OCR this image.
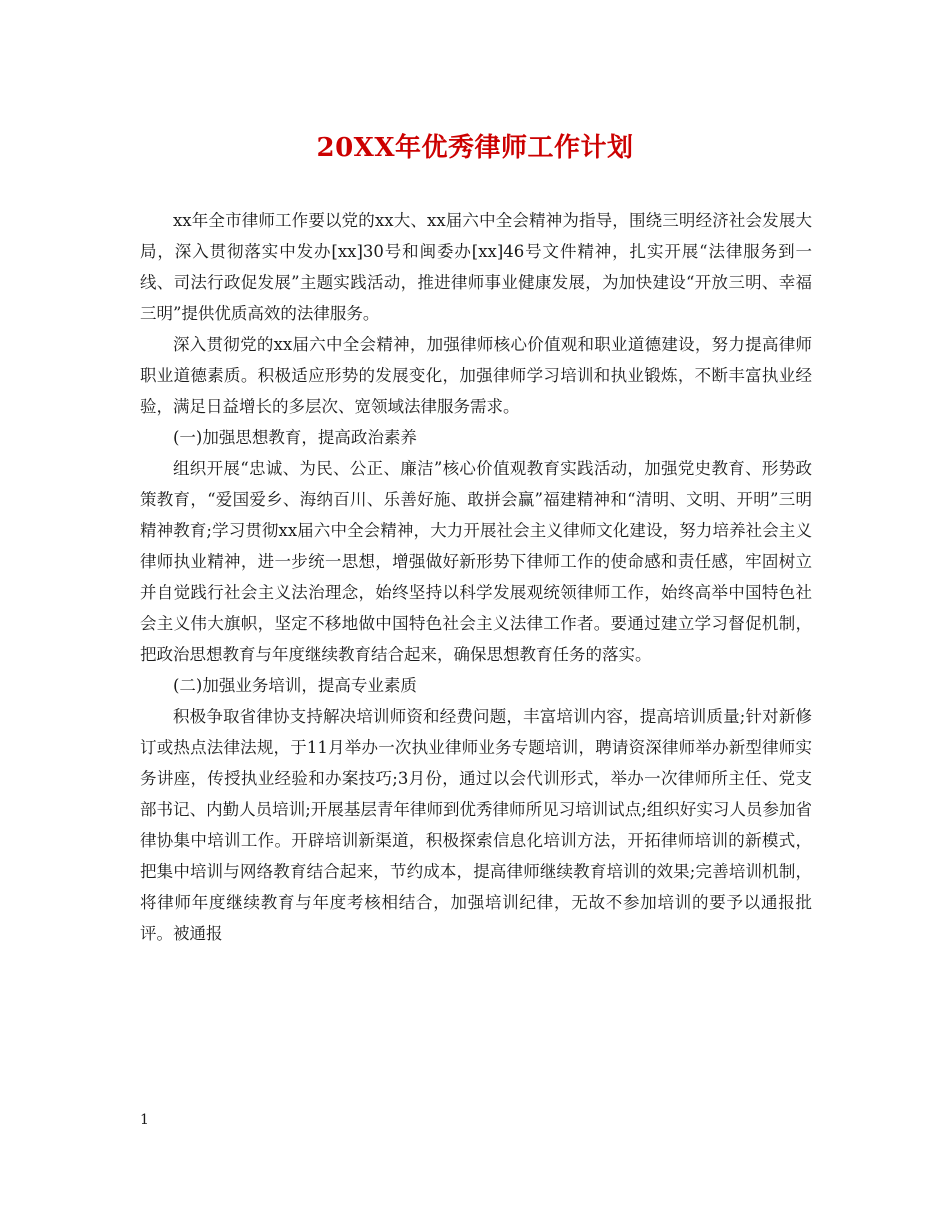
20XX年优秀律师工作计划

xx年全市律师工作要以党的xx大、xx届六中全会精神为指导，围绕三明经济社会发展大局，深入贯彻落实中发办[xx]30号和闽委办[xx]46号文件精神，扎实开展“法律服务到一线、司法行政促发展”主题实践活动，推进律师事业健康发展，为加快建设“开放三明、幸福三明”提供优质高效的法律服务。

深入贯彻党的xx届六中全会精神，加强律师核心价值观和职业道德建设，努力提高律师职业道德素质。积极适应形势的发展变化，加强律师学习培训和执业锻炼，不断丰富执业经验，满足日益增长的多层次、宽领域法律服务需求。

(一)加强思想教育，提高政治素养

组织开展“忠诚、为民、公正、廉洁”核心价值观教育实践活动，加强党史教育、形势政策教育，“爱国爱乡、海纳百川、乐善好施、敢拼会赢”福建精神和“清明、文明、开明”三明精神教育;学习贯彻xx届六中全会精神，大力开展社会主义律师文化建设，努力培养社会主义律师执业精神，进一步统一思想，增强做好新形势下律师工作的使命感和责任感，牢固树立并自觉践行社会主义法治理念，始终坚持以科学发展观统领律师工作，始终高举中国特色社会主义伟大旗帜，坚定不移地做中国特色社会主义法律工作者。要通过建立学习督促机制，把政治思想教育与年度继续教育结合起来，确保思想教育任务的落实。

(二)加强业务培训，提高专业素质

积极争取省律协支持解决培训师资和经费问题，丰富培训内容，提高培训质量;针对新修订或热点法律法规，于11月举办一次执业律师业务专题培训，聘请资深律师举办新型律师实务讲座，传授执业经验和办案技巧;3月份，通过以会代训形式，举办一次律师所主任、党支部书记、内勤人员培训;开展基层青年律师到优秀律师所见习培训试点;组织好实习人员参加省律协集中培训工作。开辟培训新渠道，积极探索信息化培训方法，开拓律师培训的新模式，把集中培训与网络教育结合起来，节约成本，提高律师继续教育培训的效果;完善培训机制，将律师年度继续教育与年度考核相结合，加强培训纪律，无故不参加培训的要予以通报批评。被通报

1
